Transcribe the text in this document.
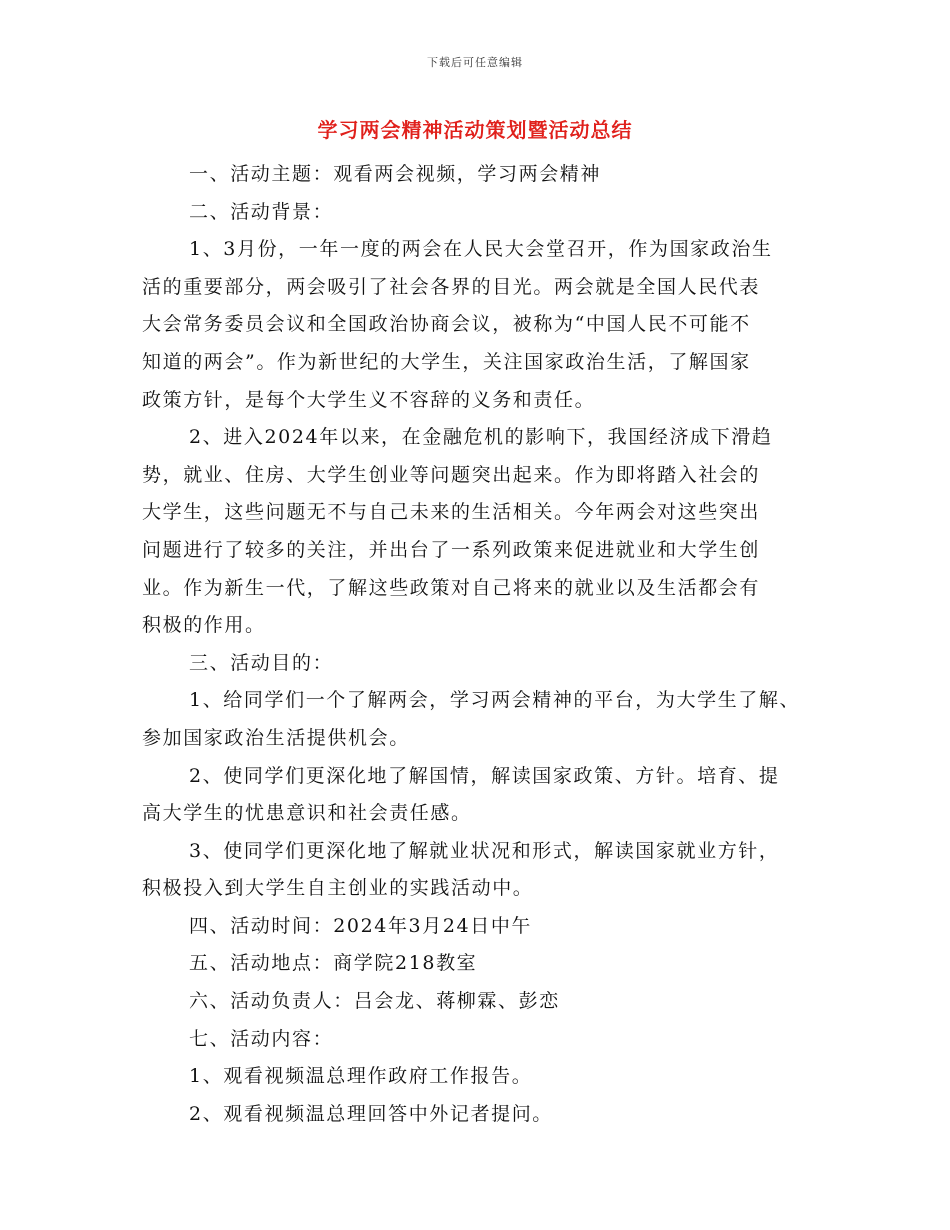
下载后可任意编辑
学习两会精神活动策划暨活动总结
一、活动主题：观看两会视频，学习两会精神
二、活动背景：
1、3月份，一年一度的两会在人民大会堂召开，作为国家政治生
活的重要部分，两会吸引了社会各界的目光。两会就是全国人民代表
大会常务委员会议和全国政治协商会议，被称为“中国人民不可能不
知道的两会”。作为新世纪的大学生，关注国家政治生活，了解国家
政策方针，是每个大学生义不容辞的义务和责任。
2、进入2024年以来，在金融危机的影响下，我国经济成下滑趋
势，就业、住房、大学生创业等问题突出起来。作为即将踏入社会的
大学生，这些问题无不与自己未来的生活相关。今年两会对这些突出
问题进行了较多的关注，并出台了一系列政策来促进就业和大学生创
业。作为新生一代，了解这些政策对自己将来的就业以及生活都会有
积极的作用。
三、活动目的：
1、给同学们一个了解两会，学习两会精神的平台，为大学生了解、
参加国家政治生活提供机会。
2、使同学们更深化地了解国情，解读国家政策、方针。培育、提
高大学生的忧患意识和社会责任感。
3、使同学们更深化地了解就业状况和形式，解读国家就业方针，
积极投入到大学生自主创业的实践活动中。
四、活动时间：2024年3月24日中午
五、活动地点：商学院218教室
六、活动负责人：吕会龙、蒋柳霖、彭恋
七、活动内容：
1、观看视频温总理作政府工作报告。
2、观看视频温总理回答中外记者提问。
